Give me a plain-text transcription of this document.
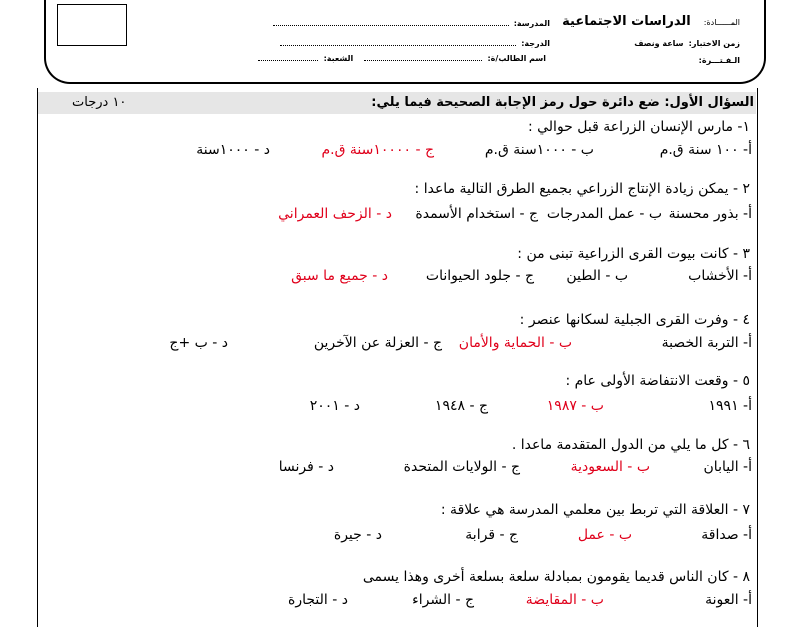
المــــــادة: الدراسات الاجتماعية
زمن الاختبار: ساعة ونصف
الـفـتـــرة:
المدرسة:
الدرجة:
اسم الطالب/ة:  الشعبة:
السؤال الأول: ضع دائرة حول رمز الإجابة الصحيحة فيما يلي:
١٠ درجات
١- مارس الإنسان الزراعة قبل حوالي :
أ- ١٠٠ سنة ق.م
ب - ١٠٠٠سنة ق.م
ج - ١٠٠٠٠سنة ق.م
د - ١٠٠٠سنة
٢ - يمكن زيادة الإنتاج الزراعي بجميع الطرق التالية ماعدا :
أ- بذور محسنة
ب - عمل المدرجات
ج - استخدام الأسمدة
د - الزحف العمراني
٣ - كانت بيوت القرى الزراعية تبنى من :
أ- الأخشاب
ب - الطين
ج - جلود الحيوانات
د - جميع ما سبق
٤ - وفرت القرى الجبلية لسكانها عنصر :
أ- التربة الخصبة
ب - الحماية والأمان
ج - العزلة عن الآخرين
د - ب +ج
٥ - وقعت الانتفاضة الأولى عام :
أ- ١٩٩١
ب - ١٩٨٧
ج - ١٩٤٨
د - ٢٠٠١
٦ - كل ما يلي من الدول المتقدمة ماعدا .
أ- اليابان
ب - السعودية
ج - الولايات المتحدة
د - فرنسا
٧ - العلاقة التي تربط بين معلمي المدرسة هي علاقة :
أ- صداقة
ب - عمل
ج - قرابة
د - جيرة
٨ - كان الناس قديما يقومون بمبادلة سلعة بسلعة أخرى وهذا يسمى
أ- العونة
ب - المقايضة
ج - الشراء
د - التجارة
